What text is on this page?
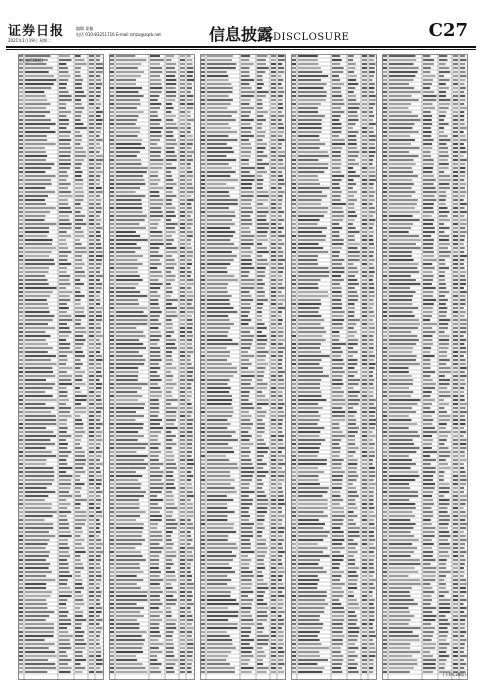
证券日报
2021年1月19日 星期二
编辑 姜楠
电话 010-83251716 E-mail zmzx@zqrb.net	信息披露DISCLOSURE	C27
(上接C26版)
(下转C28版)
